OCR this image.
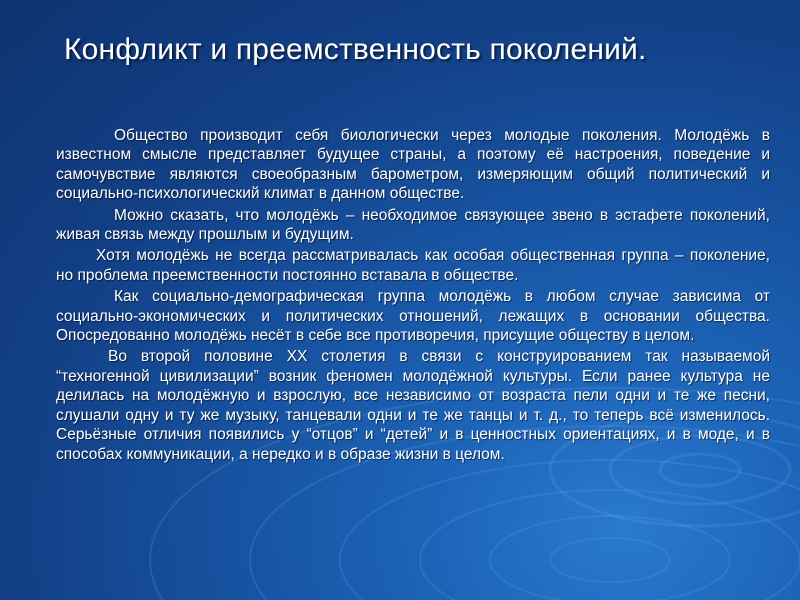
Конфликт и преемственность поколений.

Общество производит себя биологически через молодые поколения. Молодёжь в известном смысле представляет будущее страны, а поэтому её настроения, поведение и самочувствие являются своеобразным барометром, измеряющим общий политический и социально-психологический климат в данном обществе.

Можно сказать, что молодёжь – необходимое связующее звено в эстафете поколений, живая связь между прошлым и будущим.

Хотя молодёжь не всегда рассматривалась как особая общественная группа – поколение, но проблема преемственности постоянно вставала в обществе.

Как социально-демографическая группа молодёжь в любом случае зависима от социально-экономических и политических отношений, лежащих в основании общества. Опосредованно молодёжь несёт в себе все противоречия, присущие обществу в целом.

Во второй половине XX столетия в связи с конструированием так называемой “техногенной цивилизации” возник феномен молодёжной культуры. Если ранее культура не делилась на молодёжную и взрослую, все независимо от возраста пели одни и те же песни, слушали одну и ту же музыку, танцевали одни и те же танцы и т. д., то теперь всё изменилось. Серьёзные отличия появились у “отцов” и “детей” и в ценностных ориентациях, и в моде, и в способах коммуникации, а нередко и в образе жизни в целом.
